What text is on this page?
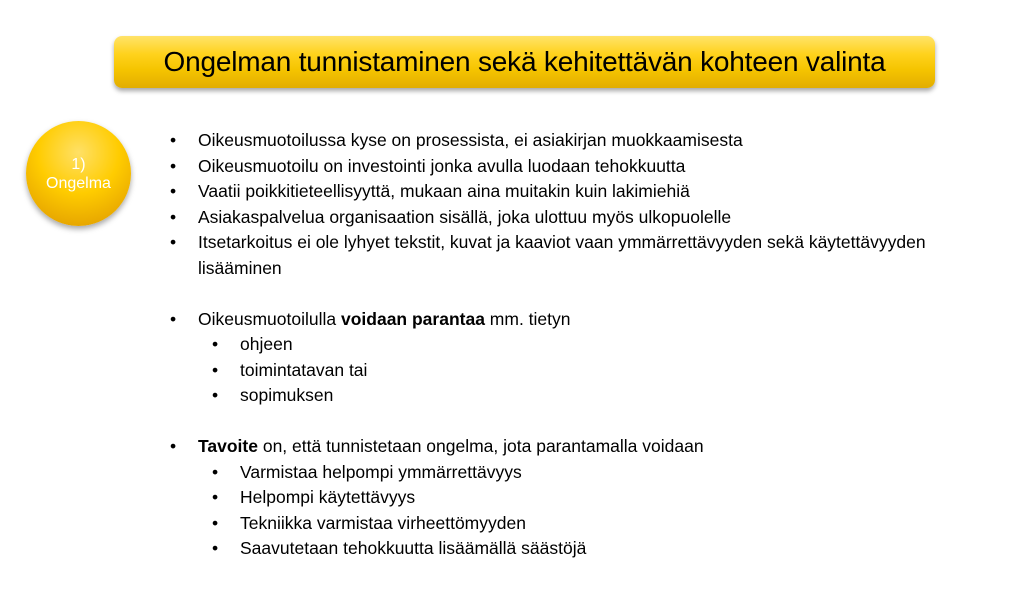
Ongelman tunnistaminen sekä kehitettävän kohteen valinta
1)
Ongelma
• Oikeusmuotoilussa kyse on prosessista, ei asiakirjan muokkaamisesta
• Oikeusmuotoilu on investointi jonka avulla luodaan tehokkuutta
• Vaatii poikkitieteellisyyttä, mukaan aina muitakin kuin lakimiehiä
• Asiakaspalvelua organisaation sisällä, joka ulottuu myös ulkopuolelle
• Itsetarkoitus ei ole lyhyet tekstit, kuvat ja kaaviot vaan ymmärrettävyyden sekä käytettävyyden lisääminen
• Oikeusmuotoilulla voidaan parantaa mm. tietyn
• ohjeen
• toimintatavan tai
• sopimuksen
• Tavoite on, että tunnistetaan ongelma, jota parantamalla voidaan
• Varmistaa helpompi ymmärrettävyys
• Helpompi käytettävyys
• Tekniikka varmistaa virheettömyyden
• Saavutetaan tehokkuutta lisäämällä säästöjä
